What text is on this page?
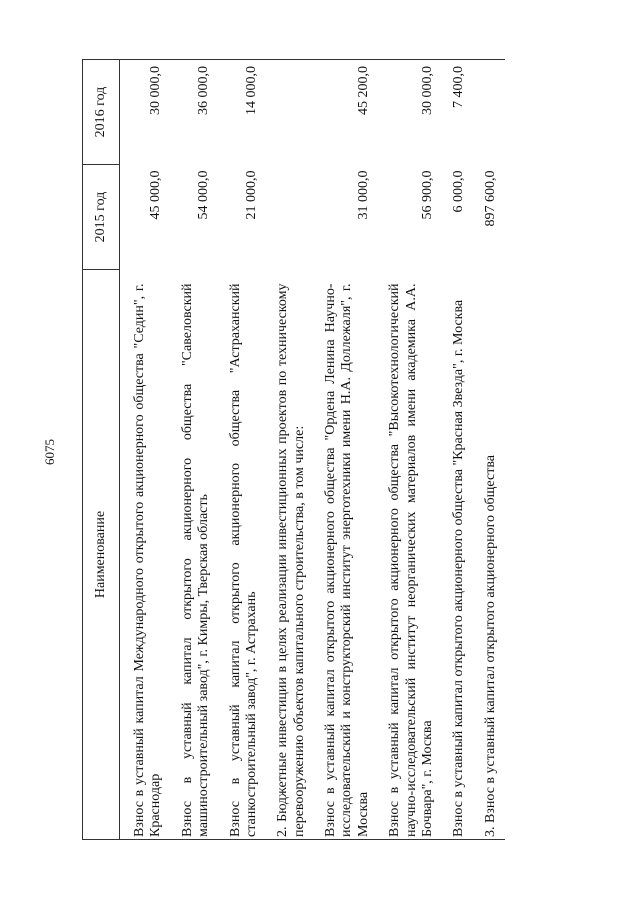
6075
Наименование	2015 год	2016 год
Взнос в уставный капитал Международного открытого акционерного общества "Седин", г. Краснодар	45 000,0	30 000,0
Взнос в уставный капитал открытого акционерного общества "Савеловский машиностроительный завод", г. Кимры, Тверская область	54 000,0	36 000,0
Взнос в уставный капитал открытого акционерного общества "Астраханский станкостроительный завод", г. Астрахань	21 000,0	14 000,0
2. Бюджетные инвестиции в целях реализации инвестиционных проектов по техническому перевооружению объектов капитального строительства, в том числе:		
Взнос в уставный капитал открытого акционерного общества "Ордена Ленина Научно-исследовательский и конструкторский институт энерготехники имени Н.А. Доллежаля", г. Москва	31 000,0	45 200,0
Взнос в уставный капитал открытого акционерного общества "Высокотехнологический научно-исследовательский институт неорганических материалов имени академика А.А. Бочвара", г. Москва	56 900,0	30 000,0
Взнос в уставный капитал открытого акционерного общества "Красная Звезда", г. Москва	6 000,0	7 400,0
3. Взнос в уставный капитал открытого акционерного общества	897 600,0	
